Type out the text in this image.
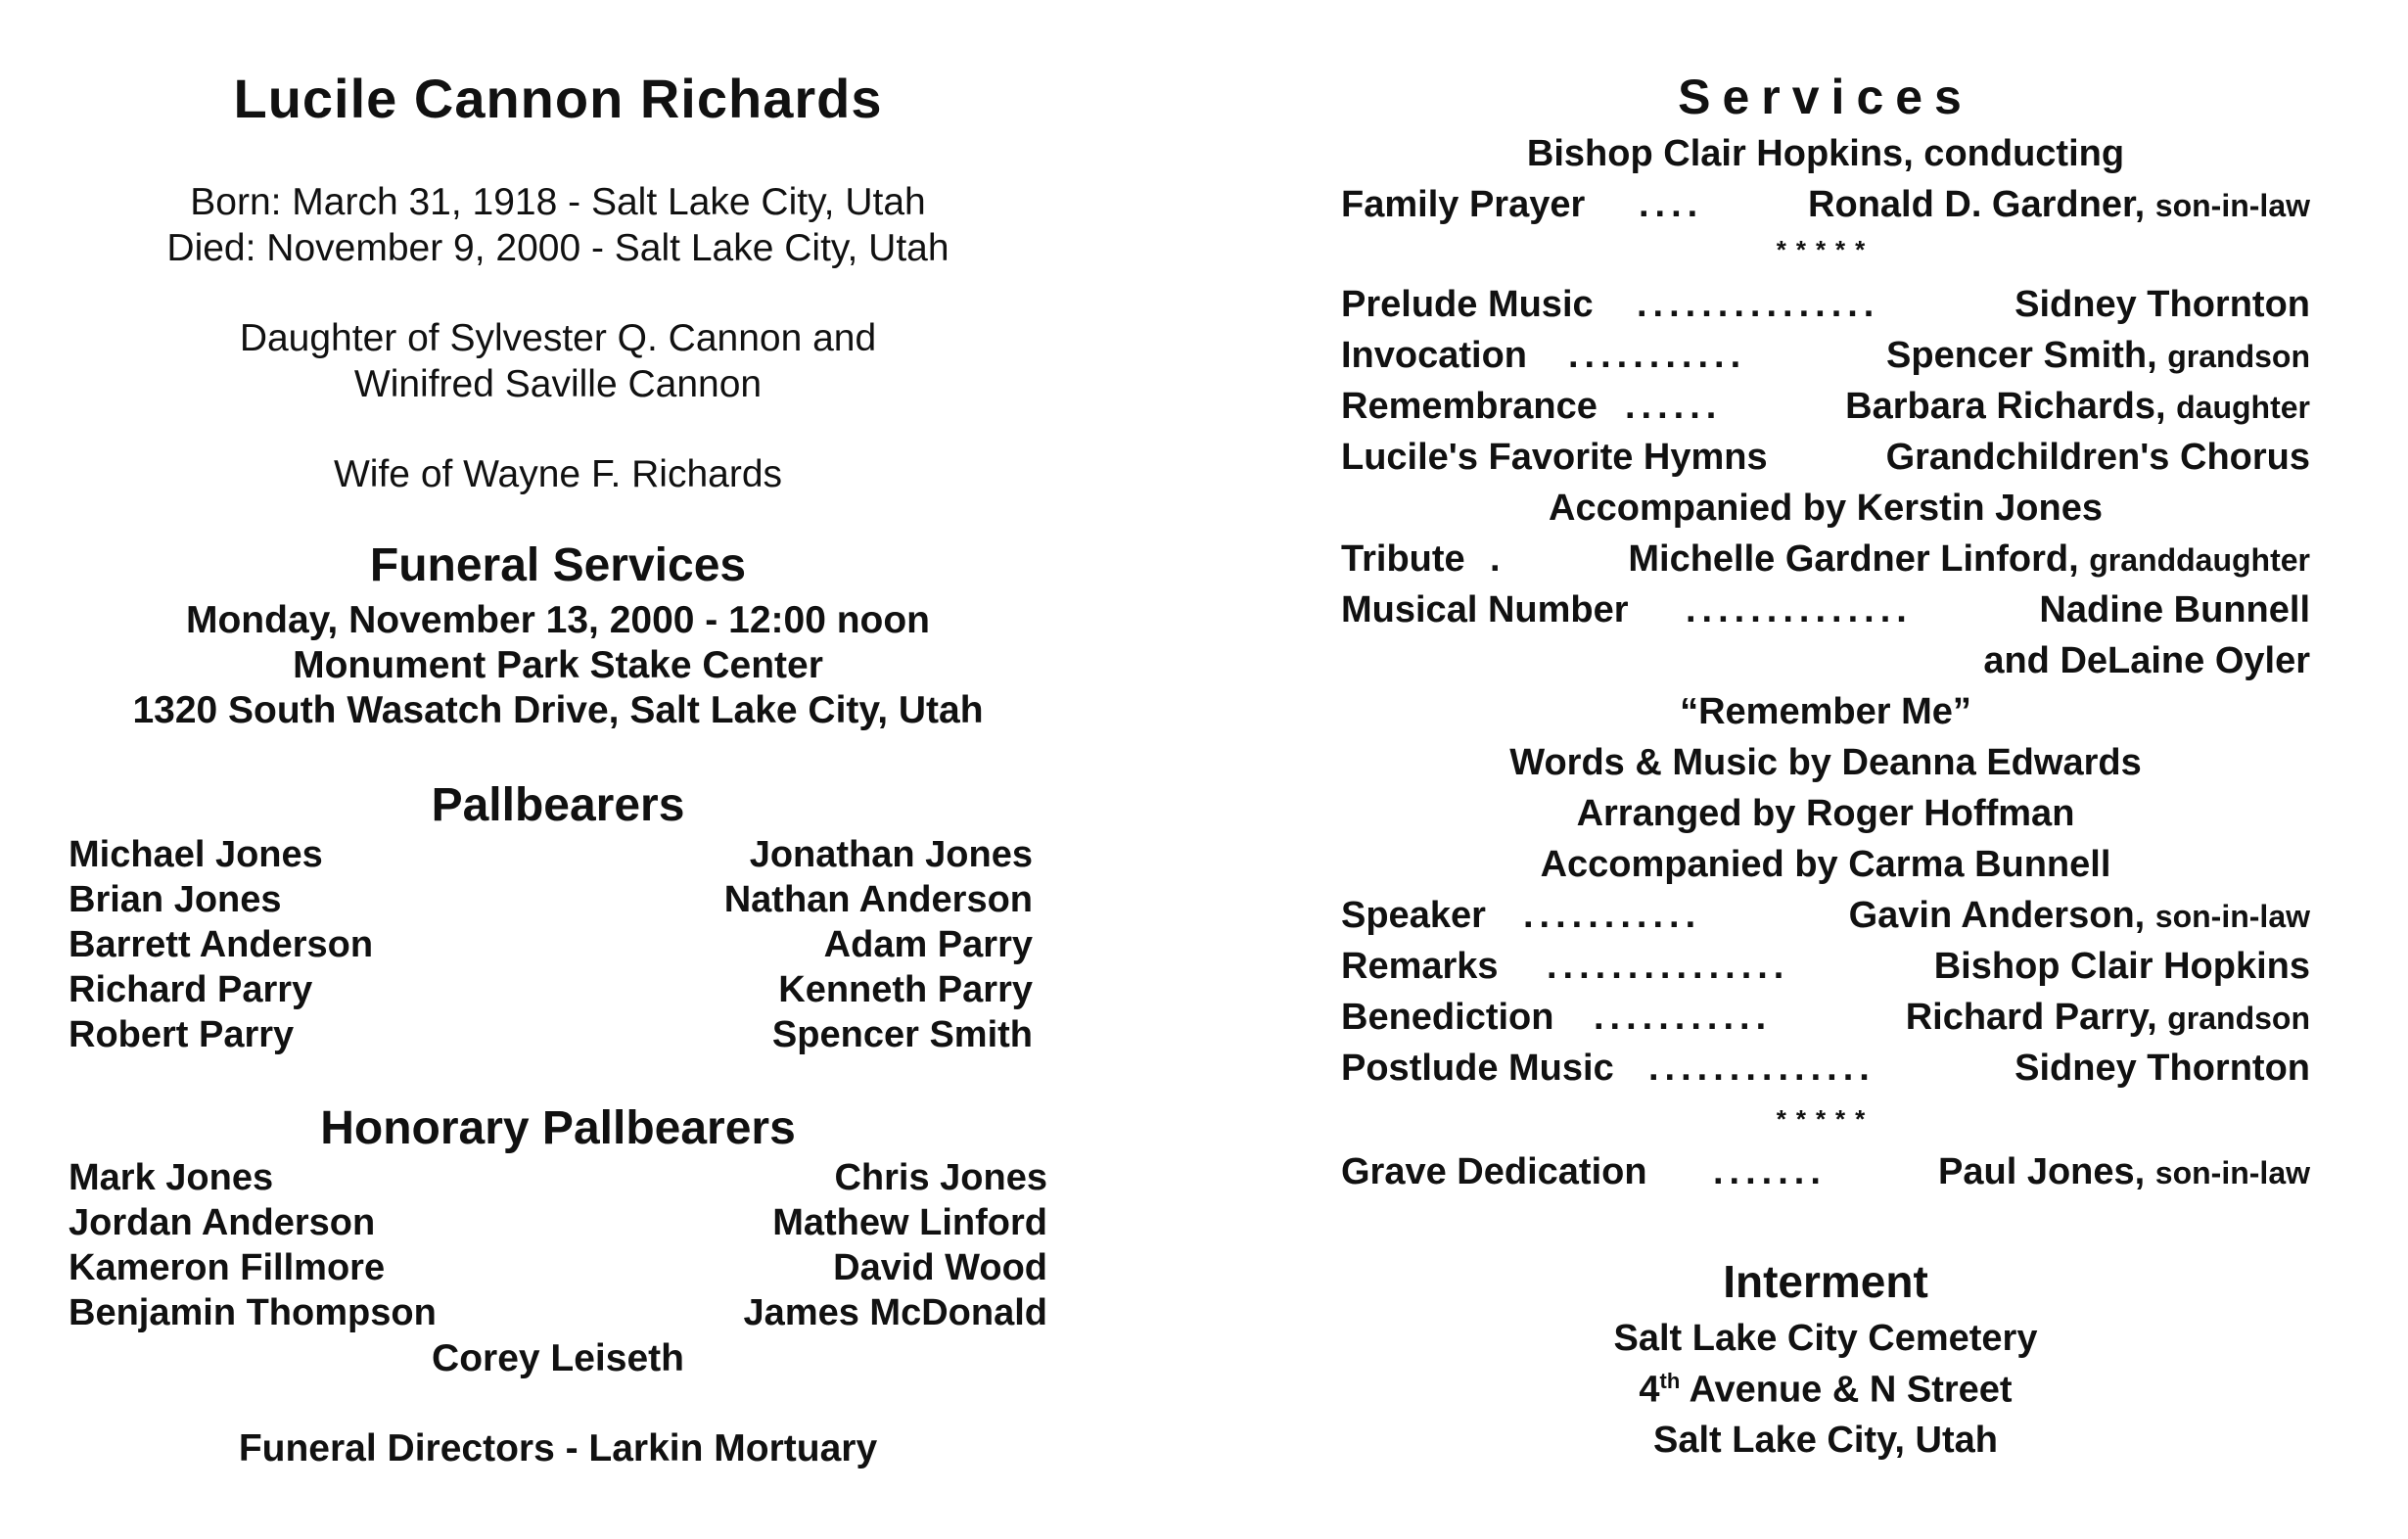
Lucile Cannon Richards
Born: March 31, 1918 - Salt Lake City, Utah
Died: November 9, 2000 - Salt Lake City, Utah
Daughter of Sylvester Q. Cannon and
Winifred Saville Cannon
Wife of Wayne F. Richards
Funeral Services
Monday, November 13, 2000 - 12:00 noon
Monument Park Stake Center
1320 South Wasatch Drive, Salt Lake City, Utah
Pallbearers
Michael Jones	Jonathan Jones
Brian Jones	Nathan Anderson
Barrett Anderson	Adam Parry
Richard Parry	Kenneth Parry
Robert Parry	Spencer Smith
Honorary Pallbearers
Mark Jones	Chris Jones
Jordan Anderson	Mathew Linford
Kameron Fillmore	David Wood
Benjamin Thompson	James McDonald
Corey Leiseth
Funeral Directors - Larkin Mortuary
Services
Bishop Clair Hopkins, conducting
Family Prayer ....	Ronald D. Gardner, son-in-law
*****
Prelude Music ...............	Sidney Thornton
Invocation ...........	Spencer Smith, grandson
Remembrance ......	Barbara Richards, daughter
Lucile's Favorite Hymns	Grandchildren's Chorus
Accompanied by Kerstin Jones
Tribute .	Michelle Gardner Linford, granddaughter
Musical Number ..............	Nadine Bunnell
and DeLaine Oyler
“Remember Me”
Words & Music by Deanna Edwards
Arranged by Roger Hoffman
Accompanied by Carma Bunnell
Speaker ...........	Gavin Anderson, son-in-law
Remarks ...............	Bishop Clair Hopkins
Benediction ...........	Richard Parry, grandson
Postlude Music ..............	Sidney Thornton
*****
Grave Dedication .......	Paul Jones, son-in-law
Interment
Salt Lake City Cemetery
4th Avenue & N Street
Salt Lake City, Utah
